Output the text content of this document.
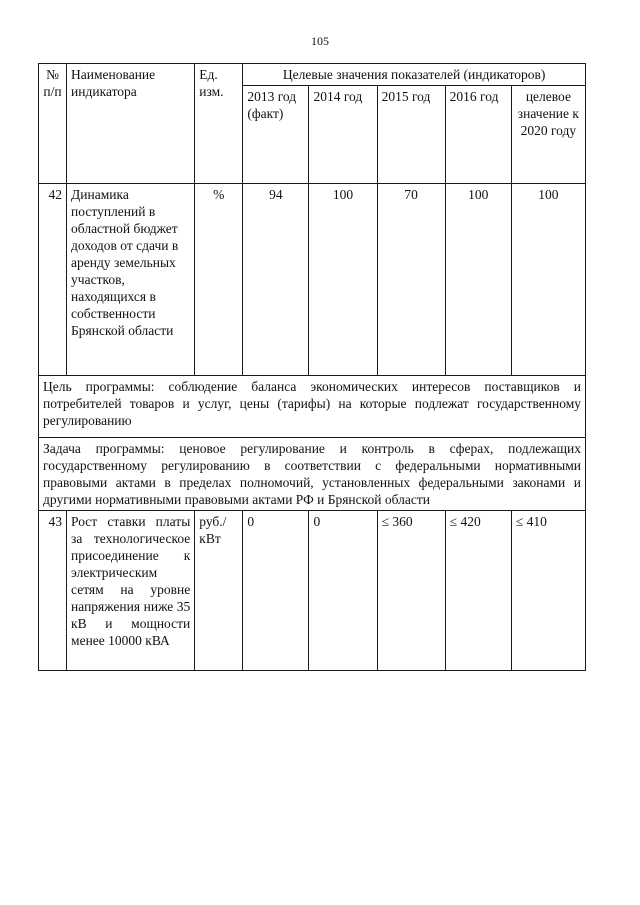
105
№ п/п	Наименование индикатора	Ед. изм.	Целевые значения показателей (индикаторов)				
			2013 год (факт)	2014 год	2015 год	2016 год	целевое значение к 2020 году
42	Динамика поступлений в областной бюджет доходов от сдачи в аренду земельных участков, находящихся в собственности Брянской области	%	94	100	70	100	100
Цель программы: соблюдение баланса экономических интересов поставщиков и потребителей товаров и услуг, цены (тарифы) на которые подлежат государственному регулированию							
Задача программы: ценовое регулирование и контроль в сферах, подлежащих государственному регулированию в соответствии с федеральными нормативными правовыми актами в пределах полномочий, установленных федеральными законами и другими нормативными правовыми актами РФ и Брянской области							
43	Рост ставки платы за технологическое присоединение к электрическим сетям на уровне напряжения ниже 35 кВ и мощности менее 10000 кВА	руб./ кВт	0	0	≤ 360	≤ 420	≤ 410
